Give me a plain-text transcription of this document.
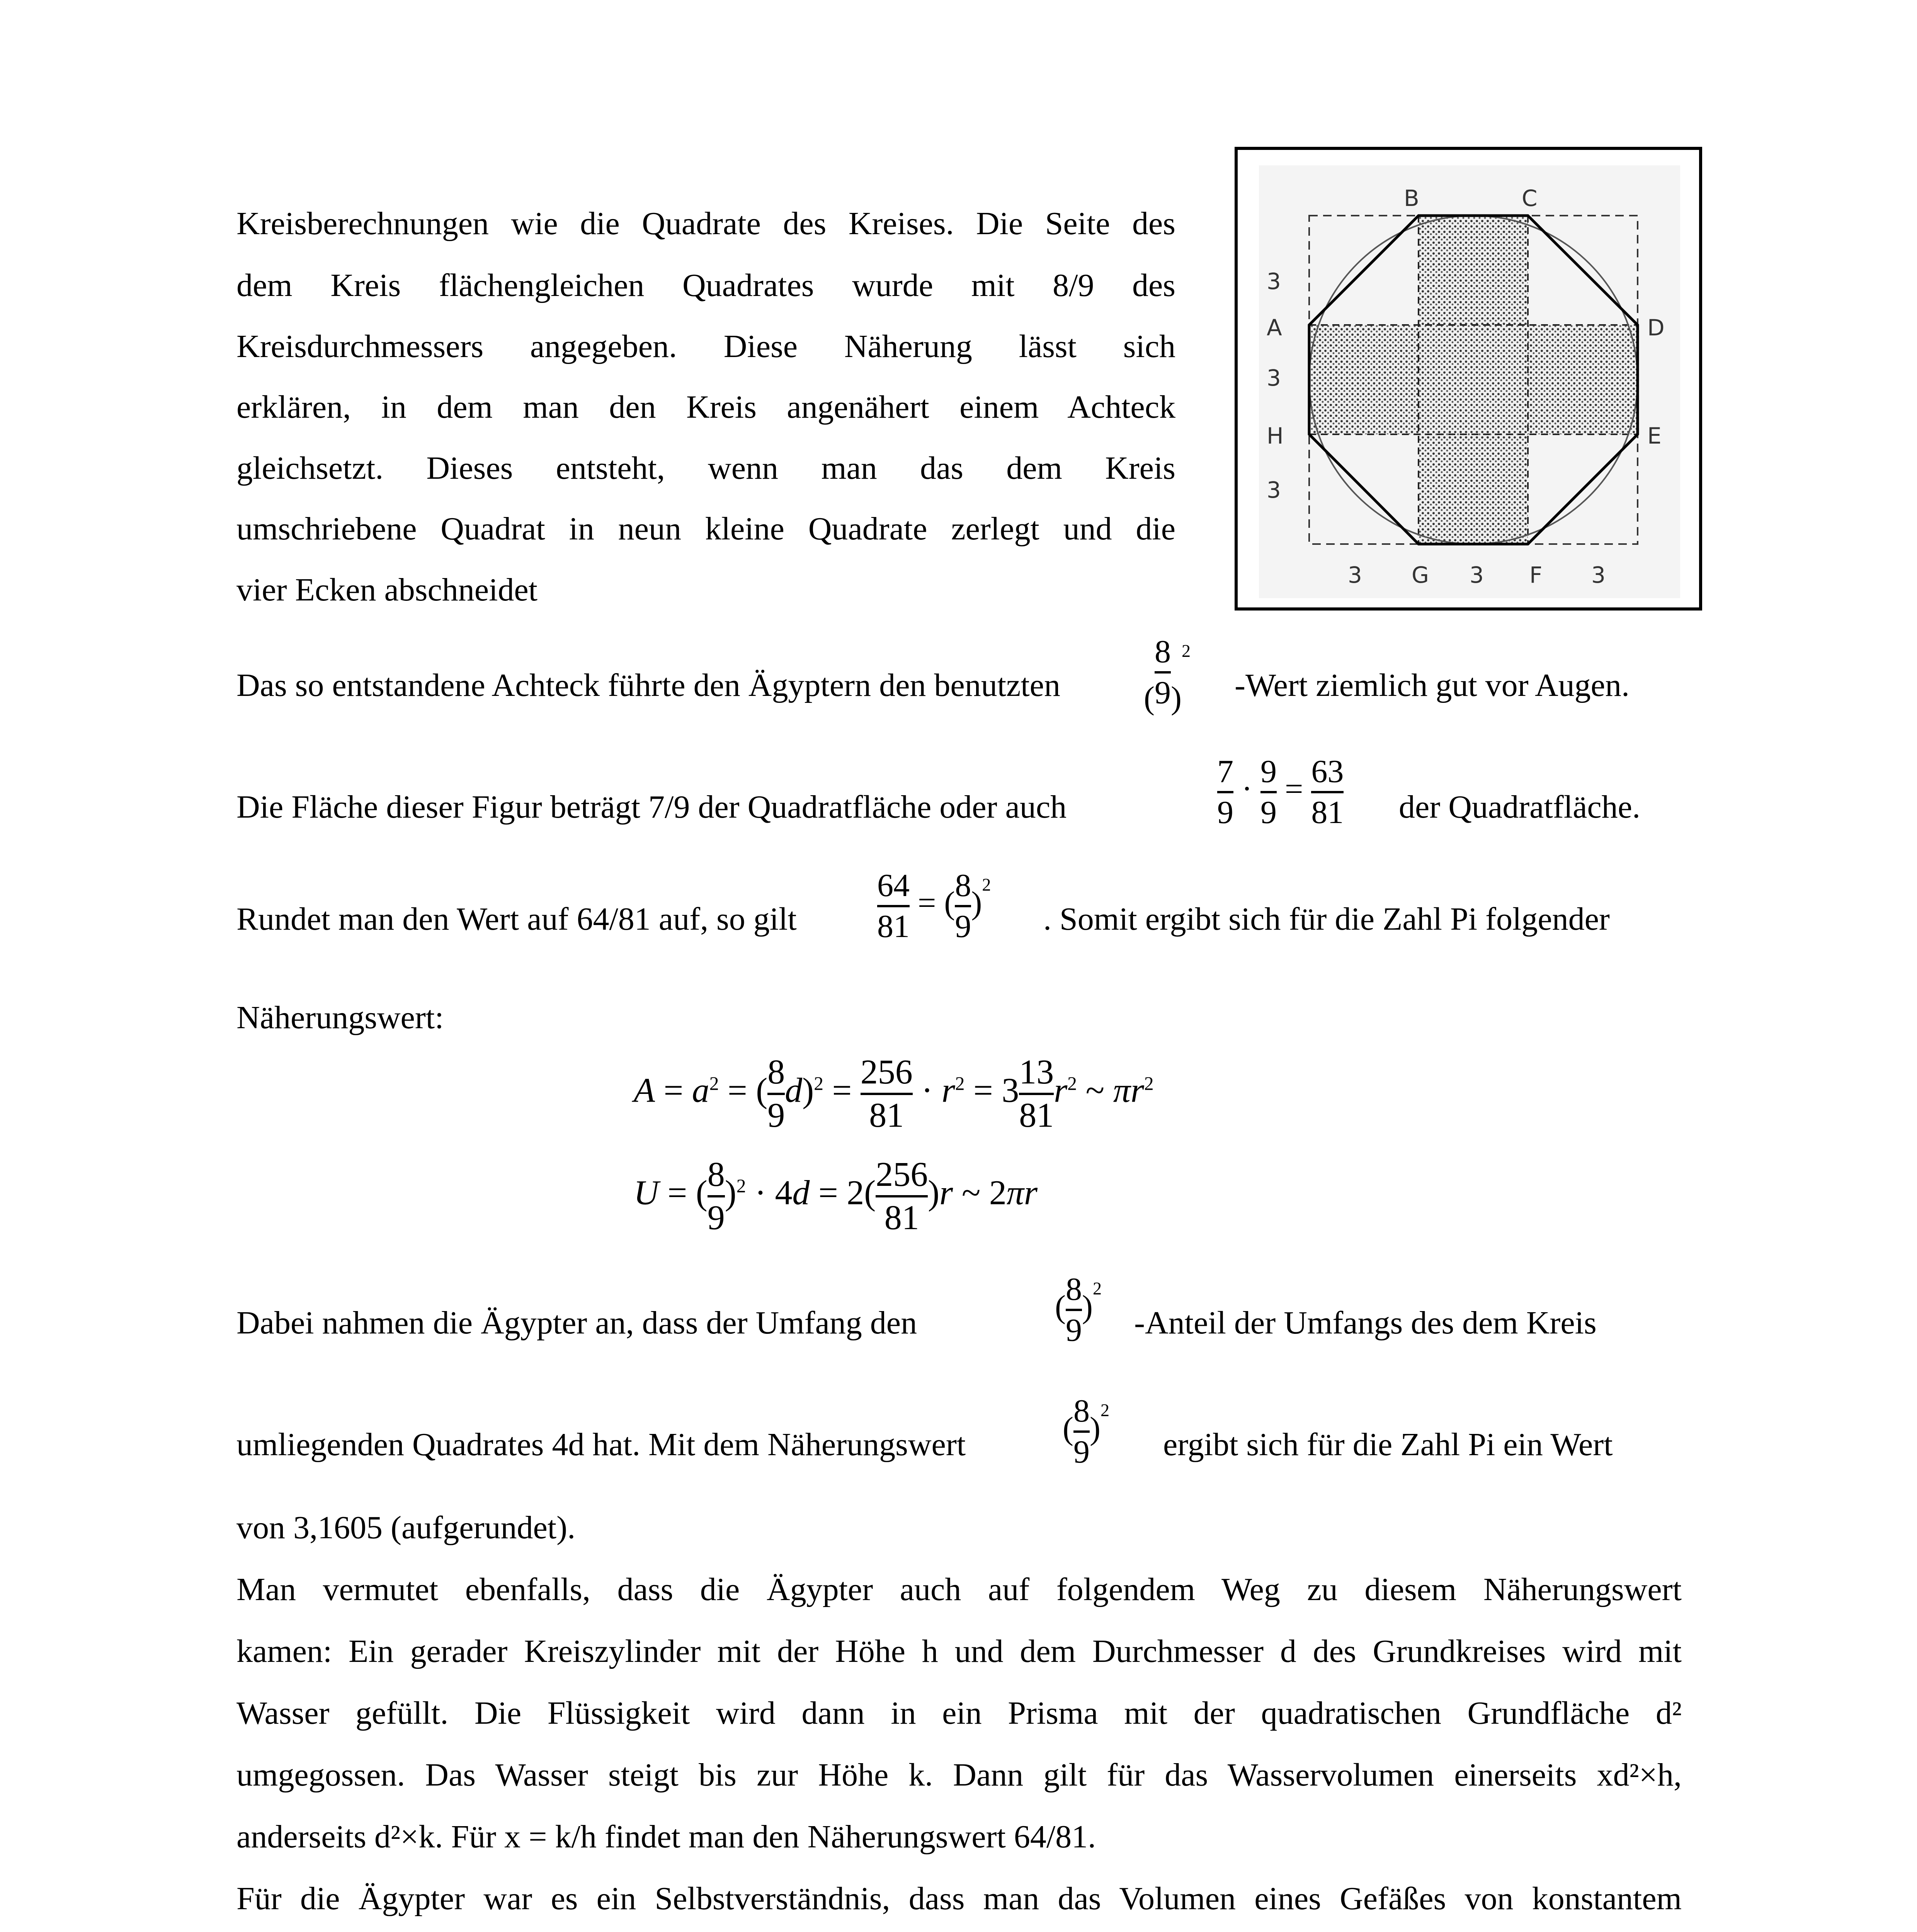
Kreisberechnungen wie die Quadrate des Kreises. Die Seite des
dem Kreis flächengleichen Quadrates wurde mit 8/9 des
Kreisdurchmessers angegeben. Diese Näherung lässt sich
erklären, in dem man den Kreis angenähert einem Achteck
gleichsetzt. Dieses entsteht, wenn man das dem Kreis
umschriebene Quadrat in neun kleine Quadrate zerlegt und die
vier Ecken abschneidet
B	C
3
A
3
H
3
D
E
3 G 3 F 3
Das so entstandene Achteck führte den Ägyptern den benutzten	(
8
9 )$^2$
-Wert ziemlich gut vor Augen.
Die Fläche dieser Figur beträgt 7/9 der Quadratfläche oder auch
7
9
· 9
9
= 63
81 der Quadratfläche.
Rundet man den Wert auf 64/81 auf, so gilt
64
81
= ( 8
9
)$^2$
. Somit ergibt sich für die Zahl Pi folgender
Näherungswert:
$A = a^2$ = ( 8
9
d)$^2$ = 256
81
· $r^2 = 3$ 13
81
$r^2$ ~ $\pi r^2$
U = ( 8
9
)$^2$ · 4d = 2( 256
81
)r ~ 2πr
Dabei nahmen die Ägypter an, dass der Umfang den	( 8
9
)$^2$
-Anteil der Umfangs des dem Kreis
umliegenden Quadrates 4d hat. Mit dem Näherungswert	( 8
9
)$^2$
ergibt sich für die Zahl Pi ein Wert
von 3,1605 (aufgerundet).
Man vermutet ebenfalls, dass die Ägypter auch auf folgendem Weg zu diesem Näherungswert
kamen: Ein gerader Kreiszylinder mit der Höhe h und dem Durchmesser d des Grundkreises wird mit
Wasser gefüllt. Die Flüssigkeit wird dann in ein Prisma mit der quadratischen Grundfläche d²
umgegossen. Das Wasser steigt bis zur Höhe k. Dann gilt für das Wasservolumen einerseits xd²×h,
anderseits d²×k. Für x = k/h findet man den Näherungswert 64/81.
Für die Ägypter war es ein Selbstverständnis, dass man das Volumen eines Gefäßes von konstantem
